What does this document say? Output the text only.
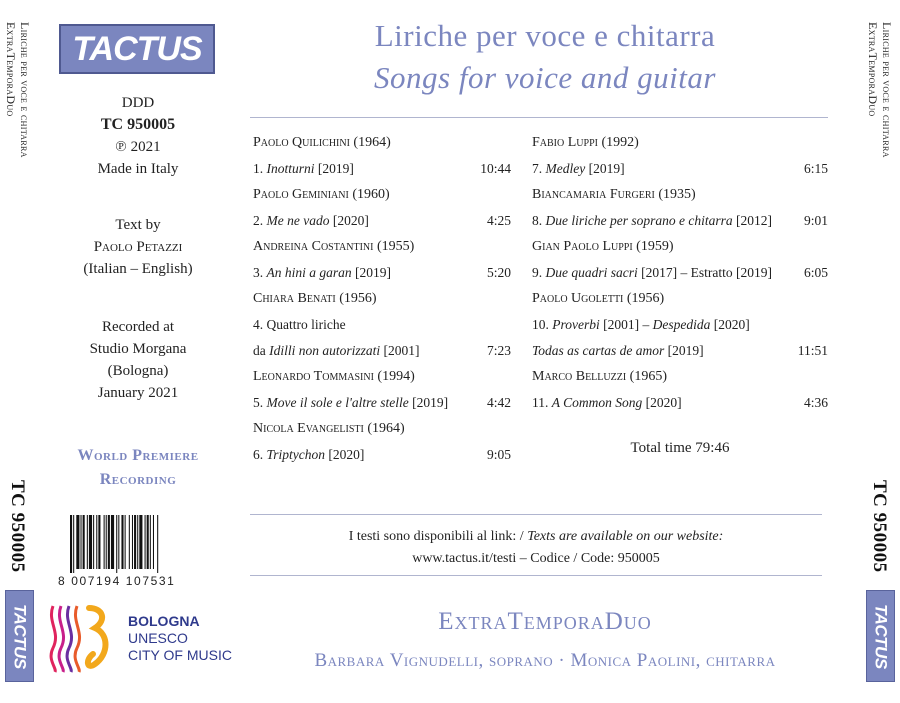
Liriche per voce e chitarra
ExtraTemporaDuo
TC 950005
TACTUS
Liriche per voce e chitarra
ExtraTemporaDuo
TC 950005
TACTUS
TACTUS
DDD
TC 950005
℗ 2021
Made in Italy
Text by
Paolo Petazzi
(Italian – English)
Recorded at
Studio Morgana
(Bologna)
January 2021
World Premiere
Recording
8 007194 107531
BOLOGNA
UNESCO
CITY OF MUSIC
Liriche per voce e chitarra
Songs for voice and guitar
Paolo Quilichini (1964)
1. Inotturni [2019]	10:44
Paolo Geminiani (1960)
2. Me ne vado [2020]	4:25
Andreina Costantini (1955)
3. An hini a garan [2019]	5:20
Chiara Benati (1956)
4. Quattro liriche
da Idilli non autorizzati [2001]	7:23
Leonardo Tommasini (1994)
5. Move il sole e l'altre stelle [2019]	4:42
Nicola Evangelisti (1964)
6. Triptychon [2020]	9:05
Fabio Luppi (1992)
7. Medley [2019]	6:15
Biancamaria Furgeri (1935)
8. Due liriche per soprano e chitarra [2012] 9:01
Gian Paolo Luppi (1959)
9. Due quadri sacri [2017] – Estratto [2019] 6:05
Paolo Ugoletti (1956)
10. Proverbi [2001] – Despedida [2020]
Todas as cartas de amor [2019]	11:51
Marco Belluzzi (1965)
11. A Common Song [2020]	4:36
Total time 79:46
I testi sono disponibili al link: / Texts are available on our website:
www.tactus.it/testi – Codice / Code: 950005
ExtraTemporaDuo
Barbara Vignudelli, soprano · Monica Paolini, chitarra
